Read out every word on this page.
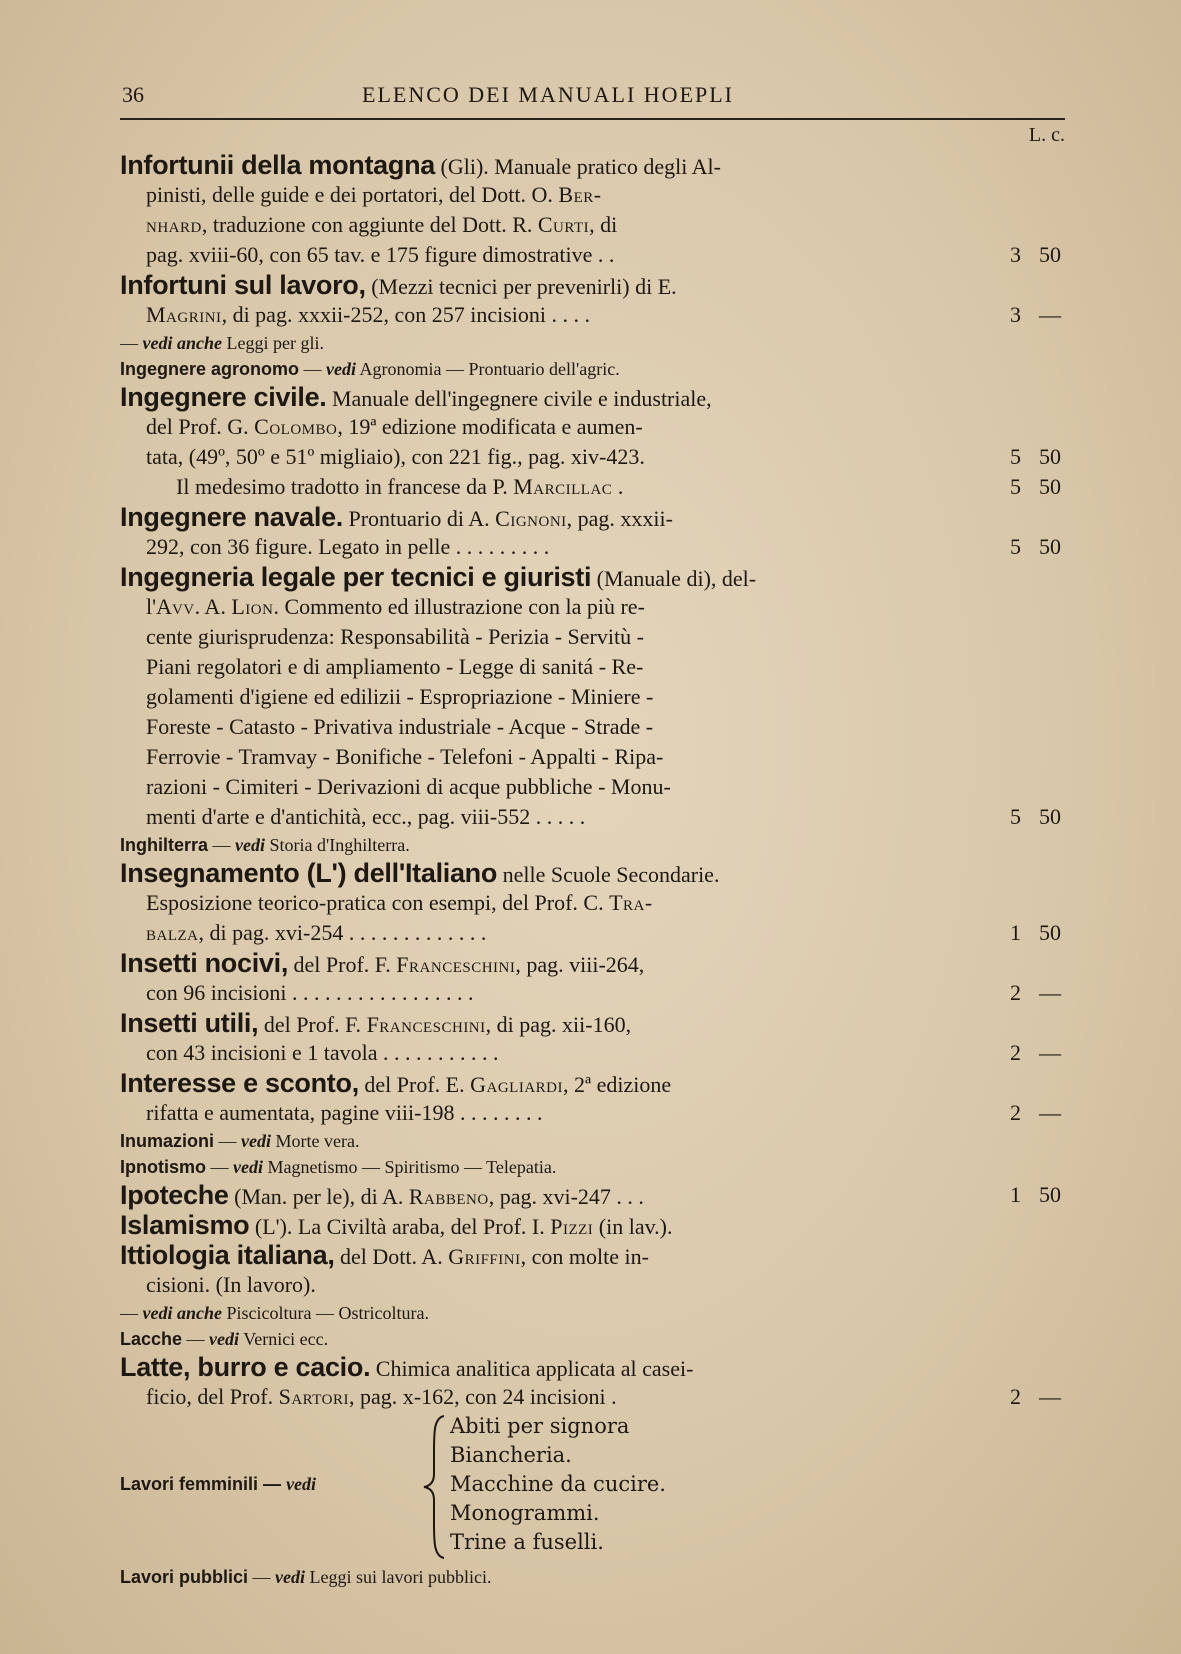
36	ELENCO DEI MANUALI HOEPLI
L. c.
Infortunii della montagna (Gli). Manuale pratico degli Al-
pinisti, delle guide e dei portatori, del Dott. O. Ber-
nhard, traduzione con aggiunte del Dott. R. Curti, di
pag. xviii-60, con 65 tav. e 175 figure dimostrative . .	3 50
Infortuni sul lavoro, (Mezzi tecnici per prevenirli) di E.
Magrini, di pag. xxxii-252, con 257 incisioni . . . .	3 —
— vedi anche Leggi per gli.
Ingegnere agronomo — vedi Agronomia — Prontuario dell'agric.
Ingegnere civile. Manuale dell'ingegnere civile e industriale,
del Prof. G. Colombo, 19ª edizione modificata e aumen-
tata, (49º, 50º e 51º migliaio), con 221 fig., pag. xiv-423.	5 50
Il medesimo tradotto in francese da P. Marcillac .	5 50
Ingegnere navale. Prontuario di A. Cignoni, pag. xxxii-
292, con 36 figure. Legato in pelle . . . . . . . . .	5 50
Ingegneria legale per tecnici e giuristi (Manuale di), del-
l'Avv. A. Lion. Commento ed illustrazione con la più re-
cente giurisprudenza: Responsabilità - Perizia - Servitù -
Piani regolatori e di ampliamento - Legge di sanitá - Re-
golamenti d'igiene ed edilizii - Espropriazione - Miniere -
Foreste - Catasto - Privativa industriale - Acque - Strade -
Ferrovie - Tramvay - Bonifiche - Telefoni - Appalti - Ripa-
razioni - Cimiteri - Derivazioni di acque pubbliche - Monu-
menti d'arte e d'antichità, ecc., pag. viii-552 . . . . .	5 50
Inghilterra — vedi Storia d'Inghilterra.
Insegnamento (L') dell'Italiano nelle Scuole Secondarie.
Esposizione teorico-pratica con esempi, del Prof. C. Tra-
balza, di pag. xvi-254 . . . . . . . . . . . . .	1 50
Insetti nocivi, del Prof. F. Franceschini, pag. viii-264,
con 96 incisioni . . . . . . . . . . . . . . . . .	2 —
Insetti utili, del Prof. F. Franceschini, di pag. xii-160,
con 43 incisioni e 1 tavola . . . . . . . . . . .	2 —
Interesse e sconto, del Prof. E. Gagliardi, 2ª edizione
rifatta e aumentata, pagine viii-198 . . . . . . . .	2 —
Inumazioni — vedi Morte vera.
Ipnotismo — vedi Magnetismo — Spiritismo — Telepatia.
Ipoteche (Man. per le), di A. Rabbeno, pag. xvi-247 . . .	1 50
Islamismo (L'). La Civiltà araba, del Prof. I. Pizzi (in lav.).
Ittiologia italiana, del Dott. A. Griffini, con molte in-
cisioni. (In lavoro).
— vedi anche Piscicoltura — Ostricoltura.
Lacche — vedi Vernici ecc.
Latte, burro e cacio. Chimica analitica applicata al casei-
ficio, del Prof. Sartori, pag. x-162, con 24 incisioni .	2 —
Lavori femminili — vedi
Abiti per signora
Biancheria.
Macchine da cucire.
Monogrammi.
Trine a fuselli.
Lavori pubblici — vedi Leggi sui lavori pubblici.
